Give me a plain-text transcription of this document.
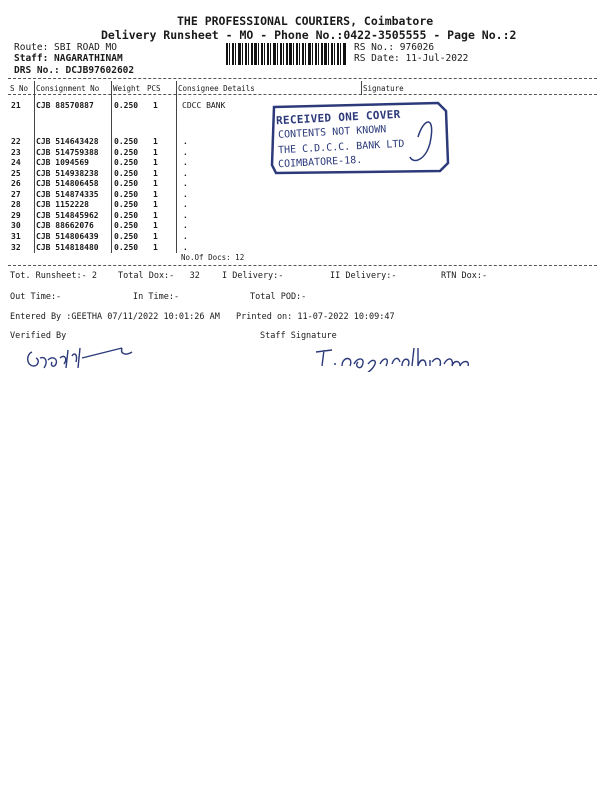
THE PROFESSIONAL COURIERS, Coimbatore
Delivery Runsheet - MO - Phone No.:0422-3505555 - Page No.:2
Route: SBI ROAD MO
Staff: NAGARATHINAM
DRS No.: DCJB97602602
RS No.: 976026
RS Date: 11-Jul-2022
S No Consignment No Weight PCS Consignee Details	Signature
21 CJB 88570887	0.250 1	CDCC BANK
22 CJB 514643428 0.250 1	.
23 CJB 514759388 0.250 1	.
24 CJB 1094569	0.250 1	.
25 CJB 514938238 0.250 1	.
26 CJB 514806458 0.250 1	.
27 CJB 514874335 0.250 1	.
28 CJB 1152228	0.250 1	.
29 CJB 514845962 0.250 1	.
30 CJB 88662076	0.250 1	.
31 CJB 514806439 0.250 1	.
32 CJB 514818480 0.250 1	.
No.Of Docs: 12
RECEIVED ONE COVER
CONTENTS NOT KNOWN
THE C.D.C.C. BANK LTD
COIMBATORE-18.
Tot. Runsheet:- 2 Total Dox:-   32	I Delivery:-	II Delivery:-	RTN Dox:-
Out Time:-	In Time:-	Total POD:-
Entered By :GEETHA 07/11/2022 10:01:26 AM Printed on: 11-07-2022 10:09:47
Verified By	Staff Signature
